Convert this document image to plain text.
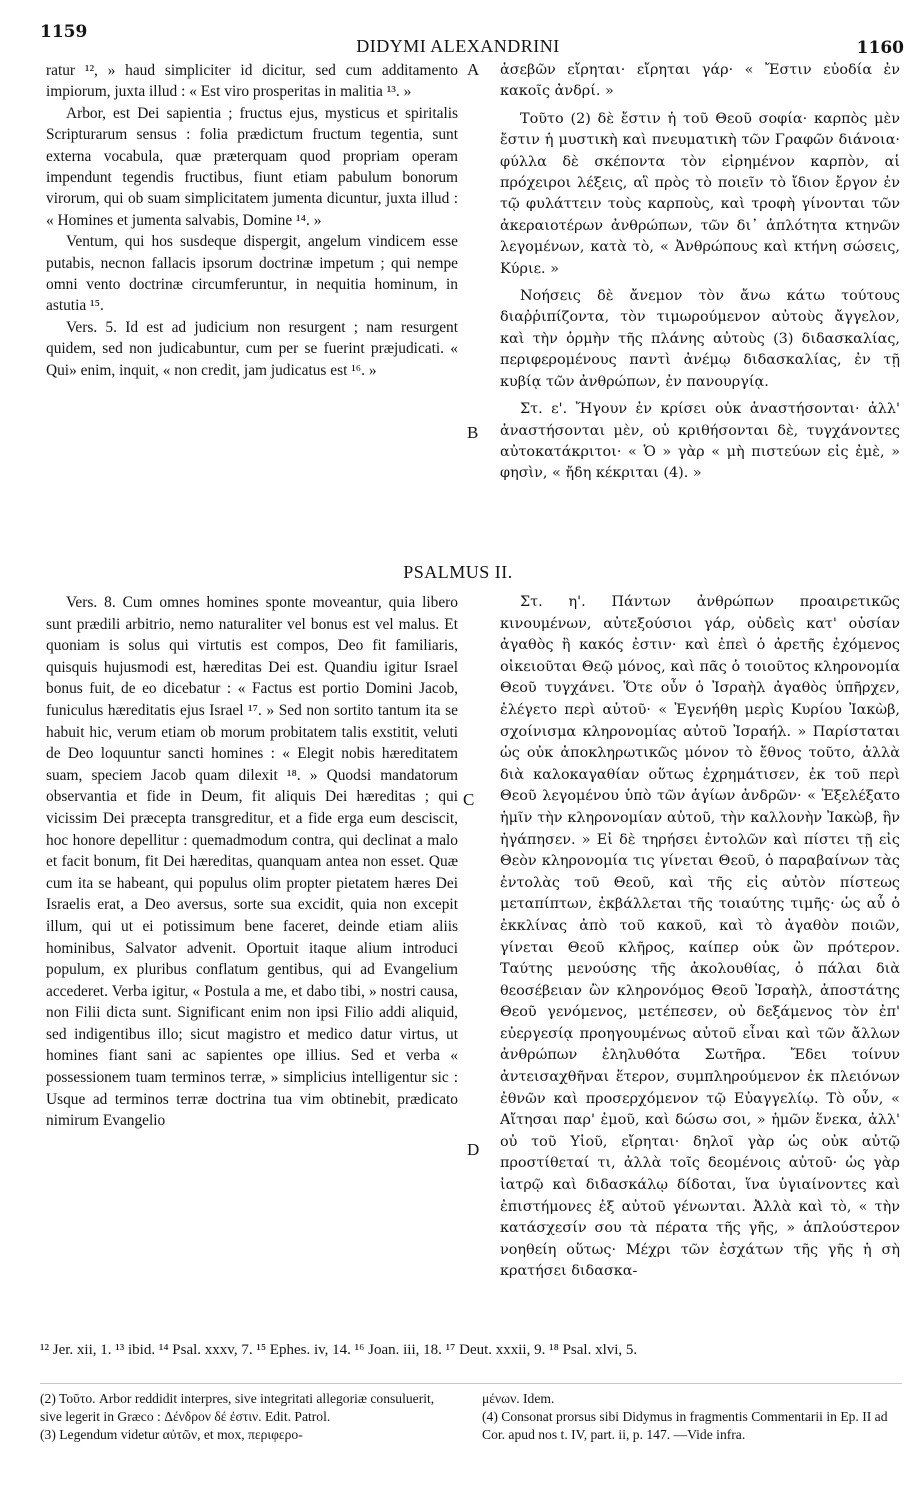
1159
DIDYMI ALEXANDRINI	1160

ratur ¹², » haud simpliciter id dicitur, sed cum additamento impiorum, juxta illud : « Est viro prosperitas in malitia ¹³. »

Arbor, est Dei sapientia ; fructus ejus, mysticus et spiritalis Scripturarum sensus : folia prædictum fructum tegentia, sunt externa vocabula, quæ præterquam quod propriam operam impendunt tegendis fructibus, fiunt etiam pabulum bonorum virorum, qui ob suam simplicitatem jumenta dicuntur, juxta illud : « Homines et jumenta salvabis, Domine ¹⁴. »

Ventum, qui hos susdeque dispergit, angelum vindicem esse putabis, necnon fallacis ipsorum doctrinæ impetum ; qui nempe omni vento doctrinæ circumferuntur, in nequitia hominum, in astutia ¹⁵.

Vers. 5. Id est ad judicium non resurgent ; nam resurgent quidem, sed non judicabuntur, cum per se fuerint præjudicati. « Qui» enim, inquit, « non credit, jam judicatus est ¹⁶. »

A
B

ἀσεβῶν εἴρηται· εἴρηται γάρ· « Ἔστιν εὐοδία ἐν κακοῖς ἀνδρί. »

Τοῦτο (2) δὲ ἔστιν ἡ τοῦ Θεοῦ σοφία· καρπὸς μὲν ἔστιν ἡ μυστικὴ καὶ πνευματικὴ τῶν Γραφῶν διάνοια· φύλλα δὲ σκέποντα τὸν εἰρημένον καρπὸν, αἱ πρόχειροι λέξεις, αἳ πρὸς τὸ ποιεῖν τὸ ἴδιον ἔργον ἐν τῷ φυλάττειν τοὺς καρποὺς, καὶ τροφὴ γίνονται τῶν ἀκεραιοτέρων ἀνθρώπων, τῶν δι᾿ ἁπλότητα κτηνῶν λεγομένων, κατὰ τὸ, « Ἀνθρώπους καὶ κτήνη σώσεις, Κύριε. »

Νοήσεις δὲ ἄνεμον τὸν ἄνω κάτω τούτους διαῤῥιπίζοντα, τὸν τιμωρούμενον αὐτοὺς ἄγγελον, καὶ τὴν ὁρμὴν τῆς πλάνης αὐτοὺς (3) διδασκαλίας, περιφερομένους παντὶ ἀνέμῳ διδασκαλίας, ἐν τῇ κυβίᾳ τῶν ἀνθρώπων, ἐν πανουργίᾳ.

Στ. ε'. Ἤγουν ἐν κρίσει οὐκ ἀναστήσονται· ἀλλ' ἀναστήσονται μὲν, οὐ κριθήσονται δὲ, τυγχάνοντες αὐτοκατάκριτοι· « Ὁ » γὰρ « μὴ πιστεύων εἰς ἐμὲ, » φησὶν, « ἤδη κέκριται (4). »

PSALMUS II.

Vers. 8. Cum omnes homines sponte moveantur, quia libero sunt prædili arbitrio, nemo naturaliter vel bonus est vel malus. Et quoniam is solus qui virtutis est compos, Deo fit familiaris, quisquis hujusmodi est, hæreditas Dei est. Quandiu igitur Israel bonus fuit, de eo dicebatur : « Factus est portio Domini Jacob, funiculus hæreditatis ejus Israel ¹⁷. » Sed non sortito tantum ita se habuit hic, verum etiam ob morum probitatem talis exstitit, veluti de Deo loquuntur sancti homines : « Elegit nobis hæreditatem suam, speciem Jacob quam dilexit ¹⁸. » Quodsi mandatorum observantia et fide in Deum, fit aliquis Dei hæreditas ; qui vicissim Dei præcepta transgreditur, et a fide erga eum desciscit, hoc honore depellitur : quemadmodum contra, qui declinat a malo et facit bonum, fit Dei hæreditas, quanquam antea non esset. Quæ cum ita se habeant, qui populus olim propter pietatem hæres Dei Israelis erat, a Deo aversus, sorte sua excidit, quia non excepit illum, qui ut ei potissimum bene faceret, deinde etiam aliis hominibus, Salvator advenit. Oportuit itaque alium introduci populum, ex pluribus conflatum gentibus, qui ad Evangelium accederet. Verba igitur, « Postula a me, et dabo tibi, » nostri causa, non Filii dicta sunt. Significant enim non ipsi Filio addi aliquid, sed indigentibus illo; sicut magistro et medico datur virtus, ut homines fiant sani ac sapientes ope illius. Sed et verba « possessionem tuam terminos terræ, » simplicius intelligentur sic : Usque ad terminos terræ doctrina tua vim obtinebit, prædicato nimirum Evangelio

C
D

Στ. η'. Πάντων ἀνθρώπων προαιρετικῶς κινουμένων, αὐτεξούσιοι γάρ, οὐδεὶς κατ' οὐσίαν ἀγαθὸς ἢ κακός ἐστιν· καὶ ἐπεὶ ὁ ἀρετῆς ἐχόμενος οἰκειοῦται Θεῷ μόνος, καὶ πᾶς ὁ τοιοῦτος κληρονομία Θεοῦ τυγχάνει. Ὅτε οὖν ὁ Ἰσραὴλ ἀγαθὸς ὑπῆρχεν, ἐλέγετο περὶ αὐτοῦ· « Ἐγενήθη μερὶς Κυρίου Ἰακὼβ, σχοίνισμα κληρονομίας αὐτοῦ Ἰσραήλ. » Παρίσταται ὡς οὐκ ἀποκληρωτικῶς μόνον τὸ ἔθνος τοῦτο, ἀλλὰ διὰ καλοκαγαθίαν οὕτως ἐχρημάτισεν, ἐκ τοῦ περὶ Θεοῦ λεγομένου ὑπὸ τῶν ἁγίων ἀνδρῶν· « Ἐξελέξατο ἡμῖν τὴν κληρονομίαν αὐτοῦ, τὴν καλλονὴν Ἰακὼβ, ἣν ἠγάπησεν. » Εἰ δὲ τηρήσει ἐντολῶν καὶ πίστει τῇ εἰς Θεὸν κληρονομία τις γίνεται Θεοῦ, ὁ παραβαίνων τὰς ἐντολὰς τοῦ Θεοῦ, καὶ τῆς εἰς αὐτὸν πίστεως μεταπίπτων, ἐκβάλλεται τῆς τοιαύτης τιμῆς· ὡς αὖ ὁ ἐκκλίνας ἀπὸ τοῦ κακοῦ, καὶ τὸ ἀγαθὸν ποιῶν, γίνεται Θεοῦ κλῆρος, καίπερ οὐκ ὢν πρότερον. Ταύτης μενούσης τῆς ἀκολουθίας, ὁ πάλαι διὰ θεοσέβειαν ὢν κληρονόμος Θεοῦ Ἰσραὴλ, ἀποστάτης Θεοῦ γενόμενος, μετέπεσεν, οὐ δεξάμενος τὸν ἐπ' εὐεργεσίᾳ προηγουμένως αὐτοῦ εἶναι καὶ τῶν ἄλλων ἀνθρώπων ἐληλυθότα Σωτῆρα. Ἔδει τοίνυν ἀντεισαχθῆναι ἕτερον, συμπληρούμενον ἐκ πλειόνων ἐθνῶν καὶ προσερχόμενον τῷ Εὐαγγελίῳ. Τὸ οὖν, « Αἴτησαι παρ' ἐμοῦ, καὶ δώσω σοι, » ἡμῶν ἕνεκα, ἀλλ' οὐ τοῦ Υἱοῦ, εἴρηται· δηλοῖ γὰρ ὡς οὐκ αὐτῷ προστίθεταί τι, ἀλλὰ τοῖς δεομένοις αὐτοῦ· ὡς γὰρ ἰατρῷ καὶ διδασκάλῳ δίδοται, ἵνα ὑγιαίνοντες καὶ ἐπιστήμονες ἐξ αὐτοῦ γένωνται. Ἀλλὰ καὶ τὸ, « τὴν κατάσχεσίν σου τὰ πέρατα τῆς γῆς, » ἁπλούστερον νοηθείη οὕτως· Μέχρι τῶν ἐσχάτων τῆς γῆς ἡ σὴ κρατήσει διδασκα-

¹² Jer. xii, 1. ¹³ ibid. ¹⁴ Psal. xxxv, 7. ¹⁵ Ephes. iv, 14. ¹⁶ Joan. iii, 18. ¹⁷ Deut. xxxii, 9. ¹⁸ Psal. xlvi, 5.

(2) Τοῦτο. Arbor reddidit interpres, sive integritati allegoriæ consuluerit, sive legerit in Græco : Δένδρον δέ ἐστιν. Edit. Patrol.

(3) Legendum videtur αὐτῶν, et mox, περιφερο-

μένων. Idem.

(4) Consonat prorsus sibi Didymus in fragmentis Commentarii in Ep. II ad Cor. apud nos t. IV, part. ii, p. 147. —Vide infra.
